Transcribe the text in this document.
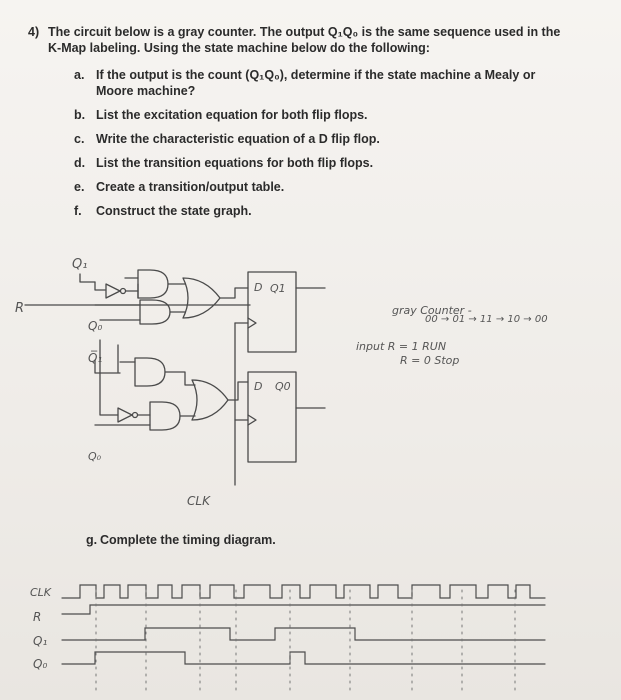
4) The circuit below is a gray counter. The output Q₁Q₀ is the same sequence used in the
K-Map labeling. Using the state machine below do the following:
a. If the output is the count (Q₁Q₀), determine if the state machine a Mealy or
Moore machine?
b. List the excitation equation for both flip flops.
c. Write the characteristic equation of a D flip flop.
d. List the transition equations for both flip flops.
e. Create a transition/output table.
f. Construct the state graph.
Q₁
R
Q₀
Q̅₁
Q₀
CLK
D Q1
D Q0
gray Counter -
00 → 01 → 11 → 10 → 00
input R = 1 RUN
R = 0 Stop
g. Complete the timing diagram.
CLK
R
Q₁
Q₀
